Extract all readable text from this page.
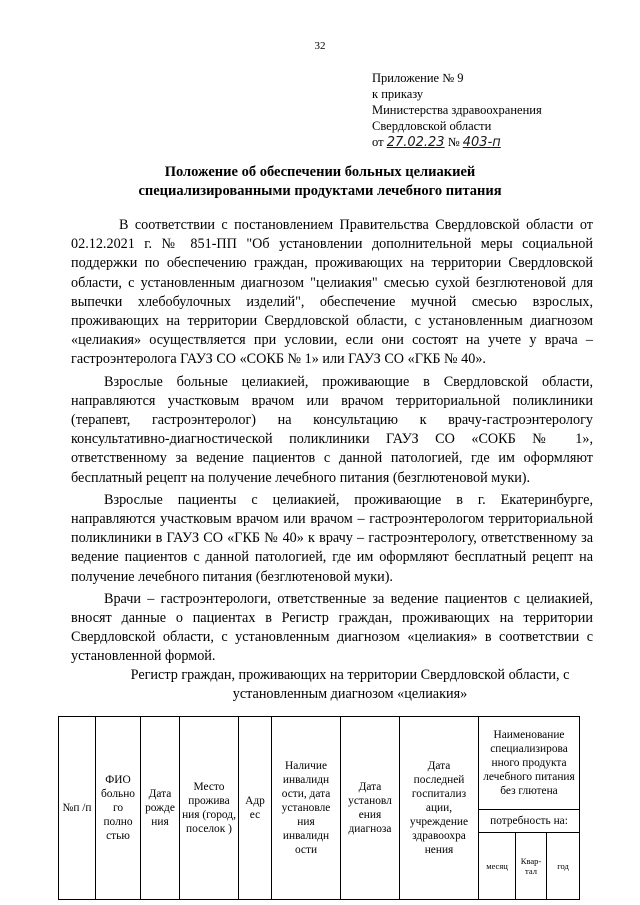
32
Приложение № 9
к приказу
Министерства здравоохранения
Свердловской области
от 27.02.23 № 403-п
Положение об обеспечении больных целиакией
специализированными продуктами лечебного питания

В соответствии с постановлением Правительства Свердловской области от 02.12.2021 г. № 851-ПП "Об установлении дополнительной меры социальной поддержки по обеспечению граждан, проживающих на территории Свердловской области, с установленным диагнозом "целиакия" смесью сухой безглютеновой для выпечки хлебобулочных изделий", обеспечение мучной смесью взрослых, проживающих на территории Свердловской области, с установленным диагнозом «целиакия» осуществляется при условии, если они состоят на учете у врача – гастроэнтеролога ГАУЗ СО «СОКБ № 1» или ГАУЗ СО «ГКБ № 40».

Взрослые больные целиакией, проживающие в Свердловской области, направляются участковым врачом или врачом территориальной поликлиники (терапевт, гастроэнтеролог) на консультацию к врачу-гастроэнтерологу консультативно-диагностической поликлиники ГАУЗ СО «СОКБ № 1», ответственному за ведение пациентов с данной патологией, где им оформляют бесплатный рецепт на получение лечебного питания (безглютеновой муки).

Взрослые пациенты с целиакией, проживающие в г. Екатеринбурге, направляются участковым врачом или врачом – гастроэнтерологом территориальной поликлиники в ГАУЗ СО «ГКБ № 40» к врачу – гастроэнтерологу, ответственному за ведение пациентов с данной патологией, где им оформляют бесплатный рецепт на получение лечебного питания (безглютеновой муки).

Врачи – гастроэнтерологи, ответственные за ведение пациентов с целиакией, вносят данные о пациентах в Регистр граждан, проживающих на территории Свердловской области, с установленным диагнозом «целиакия» в соответствии с установленной формой.

Регистр граждан, проживающих на территории Свердловской области, с
установленным диагнозом «целиакия»
№п /п	ФИО больно го полно стью	Дата рожде ния	Место прожива ния (город, поселок )	Адр ес	Наличие инвалидн ости, дата установле ния инвалидн ости	Дата установл ения диагноза	Дата последней госпитализ ации, учреждение здравоохра нения	Наименование специализирова нного продукта лечебного питания без глютена		
								потребность на:		
								месяц	Квар- тал	год
